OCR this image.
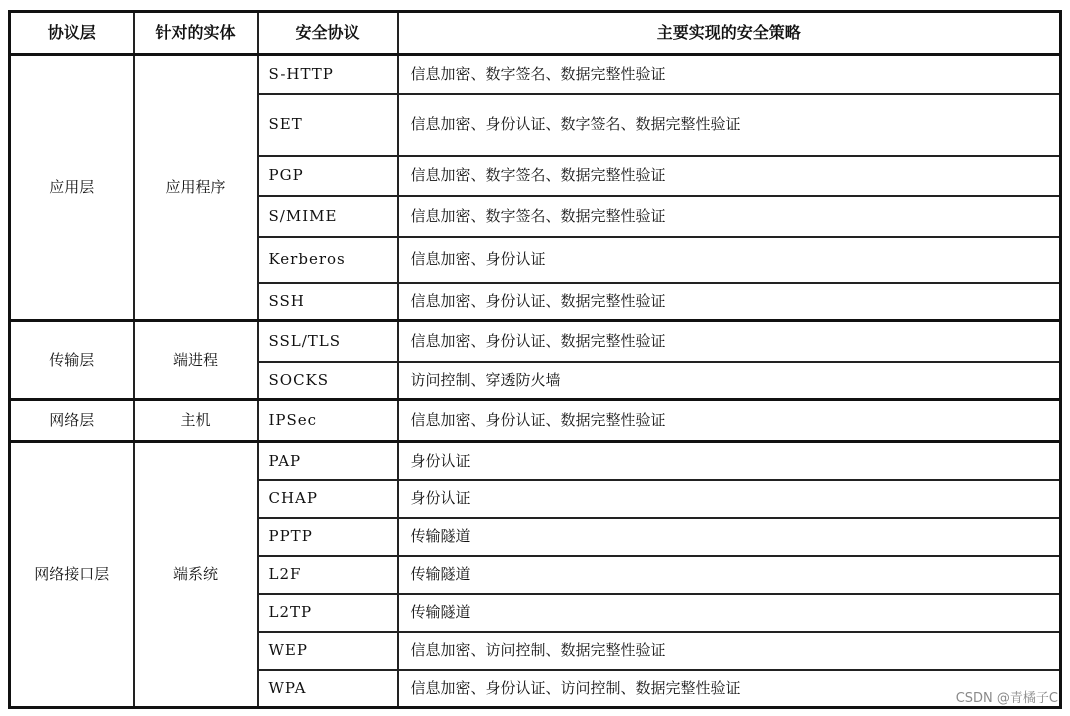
协议层	针对的实体	安全协议	主要实现的安全策略
应用层	应用程序	S-HTTP	信息加密、数字签名、数据完整性验证
		SET	信息加密、身份认证、数字签名、数据完整性验证
		PGP	信息加密、数字签名、数据完整性验证
		S/MIME	信息加密、数字签名、数据完整性验证
		Kerberos	信息加密、身份认证
		SSH	信息加密、身份认证、数据完整性验证
传输层	端进程	SSL/TLS	信息加密、身份认证、数据完整性验证
		SOCKS	访问控制、穿透防火墙
网络层	主机	IPSec	信息加密、身份认证、数据完整性验证
网络接口层	端系统	PAP	身份认证
		CHAP	身份认证
		PPTP	传输隧道
		L2F	传输隧道
		L2TP	传输隧道
		WEP	信息加密、访问控制、数据完整性验证
		WPA	信息加密、身份认证、访问控制、数据完整性验证
CSDN @青橘子C
